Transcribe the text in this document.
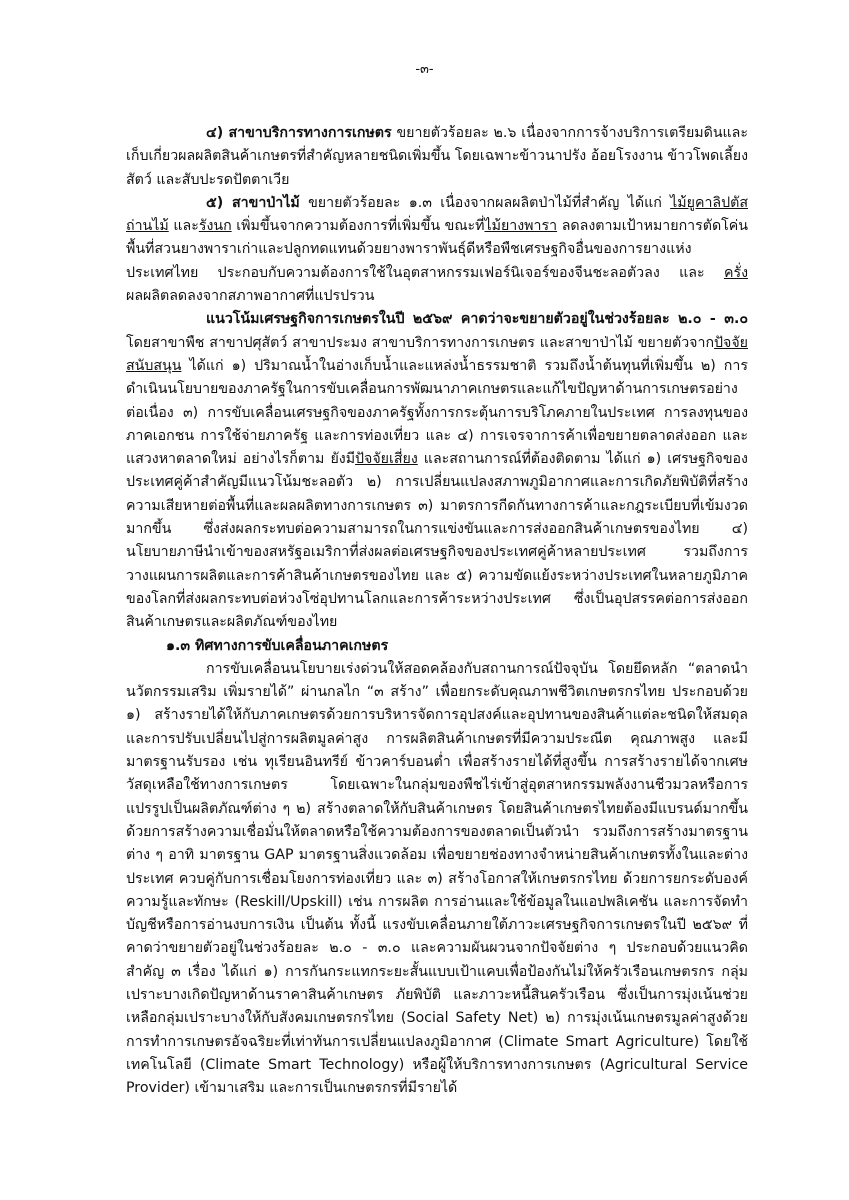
-๓-

๔) สาขาบริการทางการเกษตร ขยายตัวร้อยละ ๒.๖ เนื่องจากการจ้างบริการเตรียมดินและเก็บเกี่ยวผลผลิตสินค้าเกษตรที่สำคัญหลายชนิดเพิ่มขึ้น โดยเฉพาะข้าวนาปรัง อ้อยโรงงาน ข้าวโพดเลี้ยงสัตว์ และสับปะรดปัตตาเวีย

๕) สาขาป่าไม้ ขยายตัวร้อยละ ๑.๓ เนื่องจากผลผลิตป่าไม้ที่สำคัญ ได้แก่ ไม้ยูคาลิปตัส ถ่านไม้ และรังนก เพิ่มขึ้นจากความต้องการที่เพิ่มขึ้น ขณะที่ไม้ยางพารา ลดลงตามเป้าหมายการตัดโค่นพื้นที่สวนยางพาราเก่าและปลูกทดแทนด้วยยางพาราพันธุ์ดีหรือพืชเศรษฐกิจอื่นของการยางแห่งประเทศไทย ประกอบกับความต้องการใช้ในอุตสาหกรรมเฟอร์นิเจอร์ของจีนชะลอตัวลง และ ครั่ง ผลผลิตลดลงจากสภาพอากาศที่แปรปรวน

แนวโน้มเศรษฐกิจการเกษตรในปี ๒๕๖๙ คาดว่าจะขยายตัวอยู่ในช่วงร้อยละ ๒.๐ - ๓.๐ โดยสาขาพืช สาขาปศุสัตว์ สาขาประมง สาขาบริการทางการเกษตร และสาขาป่าไม้ ขยายตัวจากปัจจัยสนับสนุน ได้แก่ ๑) ปริมาณน้ำในอ่างเก็บน้ำและแหล่งน้ำธรรมชาติ รวมถึงน้ำต้นทุนที่เพิ่มขึ้น ๒) การดำเนินนโยบายของภาครัฐในการขับเคลื่อนการพัฒนาภาคเกษตรและแก้ไขปัญหาด้านการเกษตรอย่างต่อเนื่อง ๓) การขับเคลื่อนเศรษฐกิจของภาครัฐทั้งการกระตุ้นการบริโภคภายในประเทศ การลงทุนของภาคเอกชน การใช้จ่ายภาครัฐ และการท่องเที่ยว และ ๔) การเจรจาการค้าเพื่อขยายตลาดส่งออก และแสวงหาตลาดใหม่ อย่างไรก็ตาม ยังมีปัจจัยเสี่ยง และสถานการณ์ที่ต้องติดตาม ได้แก่ ๑) เศรษฐกิจของประเทศคู่ค้าสำคัญมีแนวโน้มชะลอตัว ๒) การเปลี่ยนแปลงสภาพภูมิอากาศและการเกิดภัยพิบัติที่สร้างความเสียหายต่อพื้นที่และผลผลิตทางการเกษตร ๓) มาตรการกีดกันทางการค้าและกฎระเบียบที่เข้มงวดมากขึ้น ซึ่งส่งผลกระทบต่อความสามารถในการแข่งขันและการส่งออกสินค้าเกษตรของไทย ๔) นโยบายภาษีนำเข้าของสหรัฐอเมริกาที่ส่งผลต่อเศรษฐกิจของประเทศคู่ค้าหลายประเทศ รวมถึงการวางแผนการผลิตและการค้าสินค้าเกษตรของไทย และ ๕) ความขัดแย้งระหว่างประเทศในหลายภูมิภาคของโลกที่ส่งผลกระทบต่อห่วงโซ่อุปทานโลกและการค้าระหว่างประเทศ ซึ่งเป็นอุปสรรคต่อการส่งออกสินค้าเกษตรและผลิตภัณฑ์ของไทย

๑.๓ ทิศทางการขับเคลื่อนภาคเกษตร

การขับเคลื่อนนโยบายเร่งด่วนให้สอดคล้องกับสถานการณ์ปัจจุบัน โดยยึดหลัก “ตลาดนำ นวัตกรรมเสริม เพิ่มรายได้” ผ่านกลไก “๓ สร้าง” เพื่อยกระดับคุณภาพชีวิตเกษตรกรไทย ประกอบด้วย ๑) สร้างรายได้ให้กับภาคเกษตรด้วยการบริหารจัดการอุปสงค์และอุปทานของสินค้าแต่ละชนิดให้สมดุล และการปรับเปลี่ยนไปสู่การผลิตมูลค่าสูง การผลิตสินค้าเกษตรที่มีความประณีต คุณภาพสูง และมีมาตรฐานรับรอง เช่น ทุเรียนอินทรีย์ ข้าวคาร์บอนต่ำ เพื่อสร้างรายได้ที่สูงขึ้น การสร้างรายได้จากเศษวัสดุเหลือใช้ทางการเกษตร โดยเฉพาะในกลุ่มของพืชไร่เข้าสู่อุตสาหกรรมพลังงานชีวมวลหรือการแปรรูปเป็นผลิตภัณฑ์ต่าง ๆ ๒) สร้างตลาดให้กับสินค้าเกษตร โดยสินค้าเกษตรไทยต้องมีแบรนด์มากขึ้น ด้วยการสร้างความเชื่อมั่นให้ตลาดหรือใช้ความต้องการของตลาดเป็นตัวนำ รวมถึงการสร้างมาตรฐานต่าง ๆ อาทิ มาตรฐาน GAP มาตรฐานสิ่งแวดล้อม เพื่อขยายช่องทางจำหน่ายสินค้าเกษตรทั้งในและต่างประเทศ ควบคู่กับการเชื่อมโยงการท่องเที่ยว และ ๓) สร้างโอกาสให้เกษตรกรไทย ด้วยการยกระดับองค์ความรู้และทักษะ (Reskill/Upskill) เช่น การผลิต การอ่านและใช้ข้อมูลในแอปพลิเคชัน และการจัดทำบัญชีหรือการอ่านงบการเงิน เป็นต้น ทั้งนี้ แรงขับเคลื่อนภายใต้ภาวะเศรษฐกิจการเกษตรในปี ๒๕๖๙ ที่คาดว่าขยายตัวอยู่ในช่วงร้อยละ ๒.๐ - ๓.๐ และความผันผวนจากปัจจัยต่าง ๆ ประกอบด้วยแนวคิดสำคัญ ๓ เรื่อง ได้แก่ ๑) การกันกระแทกระยะสั้นแบบเป้าแคบเพื่อป้องกันไม่ให้ครัวเรือนเกษตรกร กลุ่มเปราะบางเกิดปัญหาด้านราคาสินค้าเกษตร ภัยพิบัติ และภาวะหนี้สินครัวเรือน ซึ่งเป็นการมุ่งเน้นช่วยเหลือกลุ่มเปราะบางให้กับสังคมเกษตรกรไทย (Social Safety Net) ๒) การมุ่งเน้นเกษตรมูลค่าสูงด้วยการทำการเกษตรอัจฉริยะที่เท่าทันการเปลี่ยนแปลงภูมิอากาศ (Climate Smart Agriculture) โดยใช้เทคโนโลยี (Climate Smart Technology) หรือผู้ให้บริการทางการเกษตร (Agricultural Service Provider) เข้ามาเสริม และการเป็นเกษตรกรที่มีรายได้
